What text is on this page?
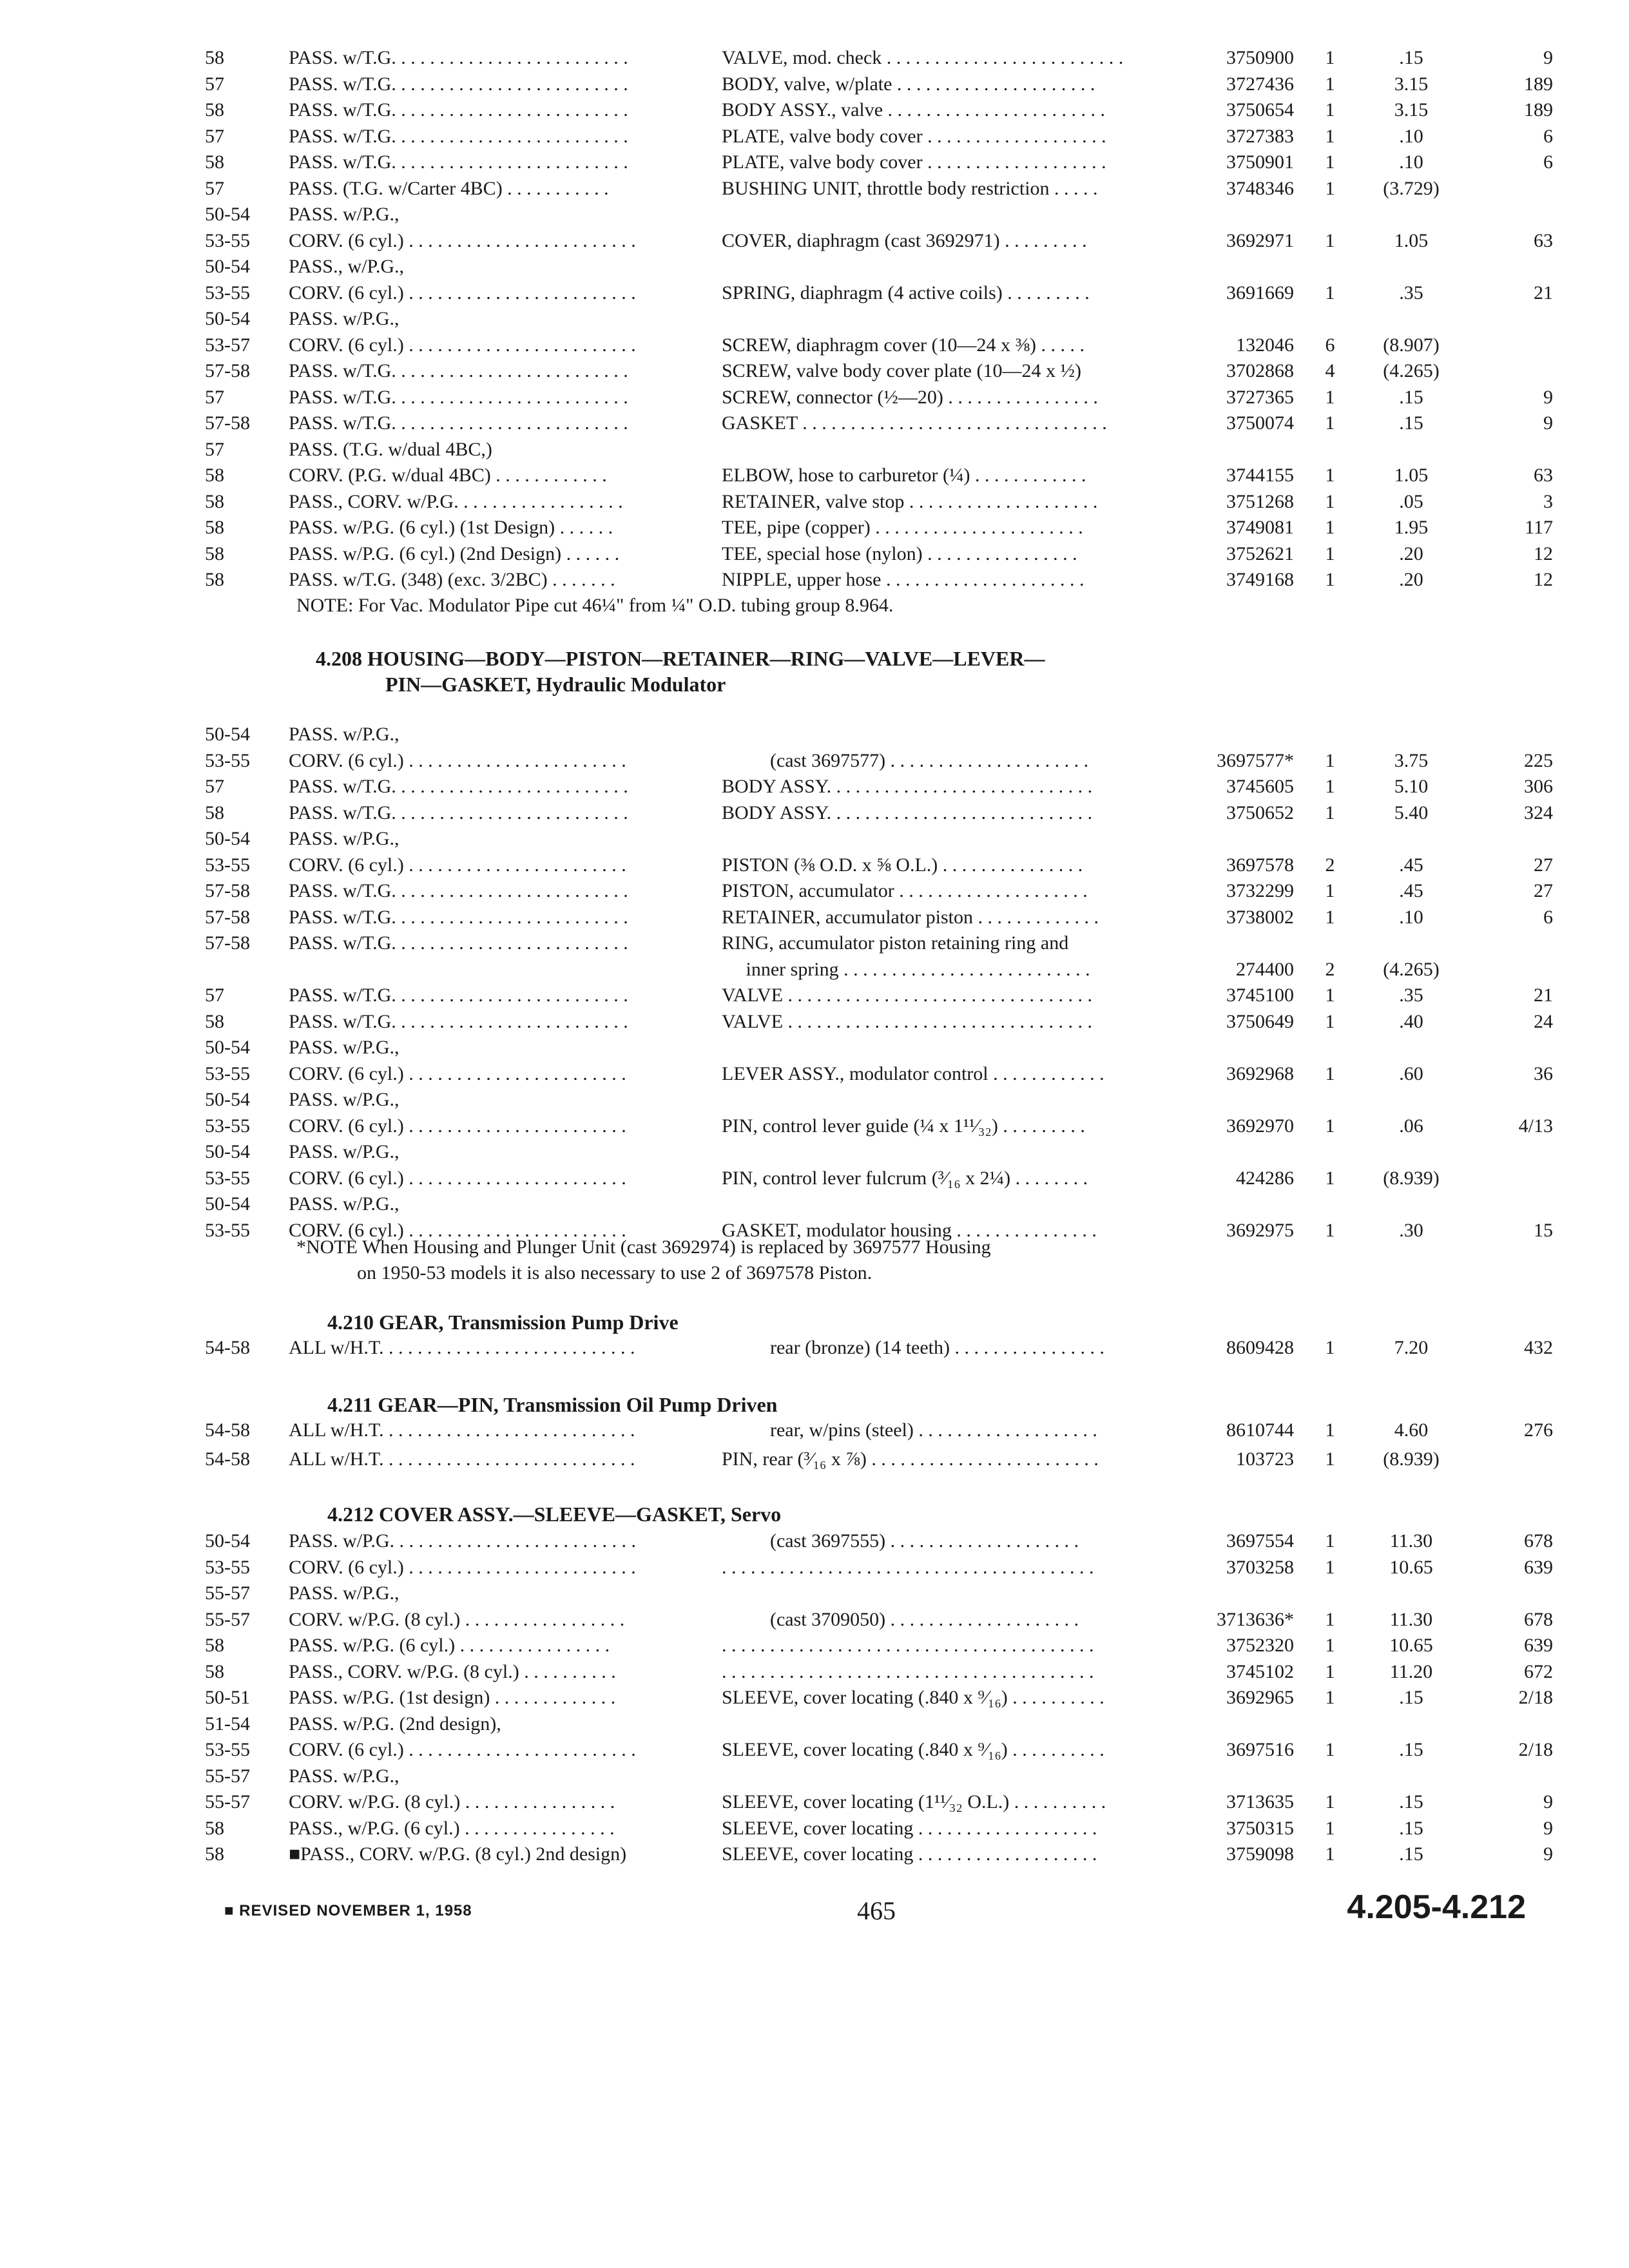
58	PASS. w/T.G. . . . . . . . . . . . . . . . . . . . . . . . .	VALVE, mod. check . . . . . . . . . . . . . . . . . . . . . . . . .	3750900	1	.15	9
57	PASS. w/T.G. . . . . . . . . . . . . . . . . . . . . . . . .	BODY, valve, w/plate . . . . . . . . . . . . . . . . . . . . .	3727436	1	3.15	189
58	PASS. w/T.G. . . . . . . . . . . . . . . . . . . . . . . . .	BODY ASSY., valve . . . . . . . . . . . . . . . . . . . . . . .	3750654	1	3.15	189
57	PASS. w/T.G. . . . . . . . . . . . . . . . . . . . . . . . .	PLATE, valve body cover . . . . . . . . . . . . . . . . . . .	3727383	1	.10	6
58	PASS. w/T.G. . . . . . . . . . . . . . . . . . . . . . . . .	PLATE, valve body cover . . . . . . . . . . . . . . . . . . .	3750901	1	.10	6
57	PASS. (T.G. w/Carter 4BC) . . . . . . . . . . .	BUSHING UNIT, throttle body restriction . . . . .	3748346	1	(3.729)
50-54 PASS. w/P.G.,
53-55 CORV. (6 cyl.) . . . . . . . . . . . . . . . . . . . . . . . .	COVER, diaphragm (cast 3692971) . . . . . . . . .	3692971	1	1.05	63
50-54 PASS., w/P.G.,
53-55 CORV. (6 cyl.) . . . . . . . . . . . . . . . . . . . . . . . .	SPRING, diaphragm (4 active coils) . . . . . . . . .	3691669	1	.35	21
50-54 PASS. w/P.G.,
53-57 CORV. (6 cyl.) . . . . . . . . . . . . . . . . . . . . . . . .	SCREW, diaphragm cover (10—24 x ⅜) . . . . .	132046	6	(8.907)
57-58 PASS. w/T.G. . . . . . . . . . . . . . . . . . . . . . . . .	SCREW, valve body cover plate (10—24 x ½)	3702868	4	(4.265)
57	PASS. w/T.G. . . . . . . . . . . . . . . . . . . . . . . . .	SCREW, connector (½—20) . . . . . . . . . . . . . . . .	3727365	1	.15	9
57-58 PASS. w/T.G. . . . . . . . . . . . . . . . . . . . . . . . .	GASKET . . . . . . . . . . . . . . . . . . . . . . . . . . . . . . . .	3750074	1	.15	9
57	PASS. (T.G. w/dual 4BC,)
58	CORV. (P.G. w/dual 4BC) . . . . . . . . . . . .	ELBOW, hose to carburetor (¼) . . . . . . . . . . . .	3744155	1	1.05	63
58	PASS., CORV. w/P.G. . . . . . . . . . . . . . . . . .	RETAINER, valve stop . . . . . . . . . . . . . . . . . . . .	3751268	1	.05	3
58	PASS. w/P.G. (6 cyl.) (1st Design) . . . . . .	TEE, pipe (copper) . . . . . . . . . . . . . . . . . . . . . .	3749081	1	1.95	117
58	PASS. w/P.G. (6 cyl.) (2nd Design) . . . . . .	TEE, special hose (nylon) . . . . . . . . . . . . . . . .	3752621	1	.20	12
58	PASS. w/T.G. (348) (exc. 3/2BC) . . . . . . .	NIPPLE, upper hose . . . . . . . . . . . . . . . . . . . . .	3749168	1	.20	12
NOTE: For Vac. Modulator Pipe cut 46¼" from ¼" O.D. tubing group 8.964.
4.208 HOUSING—BODY—PISTON—RETAINER—RING—VALVE—LEVER—
PIN—GASKET, Hydraulic Modulator
50-54 PASS. w/P.G.,
53-55 CORV. (6 cyl.) . . . . . . . . . . . . . . . . . . . . . . .	(cast 3697577) . . . . . . . . . . . . . . . . . . . . .	3697577*	1	3.75	225
57	PASS. w/T.G. . . . . . . . . . . . . . . . . . . . . . . . .	BODY ASSY. . . . . . . . . . . . . . . . . . . . . . . . . . . .	3745605	1	5.10	306
58	PASS. w/T.G. . . . . . . . . . . . . . . . . . . . . . . . .	BODY ASSY. . . . . . . . . . . . . . . . . . . . . . . . . . . .	3750652	1	5.40	324
50-54 PASS. w/P.G.,
53-55 CORV. (6 cyl.) . . . . . . . . . . . . . . . . . . . . . . .	PISTON (⅜ O.D. x ⅝ O.L.) . . . . . . . . . . . . . . .	3697578	2	.45	27
57-58 PASS. w/T.G. . . . . . . . . . . . . . . . . . . . . . . . .	PISTON, accumulator . . . . . . . . . . . . . . . . . . . .	3732299	1	.45	27
57-58 PASS. w/T.G. . . . . . . . . . . . . . . . . . . . . . . . .	RETAINER, accumulator piston . . . . . . . . . . . . .	3738002	1	.10	6
57-58 PASS. w/T.G. . . . . . . . . . . . . . . . . . . . . . . . .	RING, accumulator piston retaining ring and
inner spring . . . . . . . . . . . . . . . . . . . . . . . . . .	274400	2	(4.265)
57	PASS. w/T.G. . . . . . . . . . . . . . . . . . . . . . . . .	VALVE . . . . . . . . . . . . . . . . . . . . . . . . . . . . . . . .	3745100	1	.35	21
58	PASS. w/T.G. . . . . . . . . . . . . . . . . . . . . . . . .	VALVE . . . . . . . . . . . . . . . . . . . . . . . . . . . . . . . .	3750649	1	.40	24
50-54 PASS. w/P.G.,
53-55 CORV. (6 cyl.) . . . . . . . . . . . . . . . . . . . . . . .	LEVER ASSY., modulator control . . . . . . . . . . . .	3692968	1	.60	36
50-54 PASS. w/P.G.,
53-55 CORV. (6 cyl.) . . . . . . . . . . . . . . . . . . . . . . .	PIN, control lever guide (¼ x 1¹¹⁄₃₂) . . . . . . . . .	3692970	1	.06	4/13
50-54 PASS. w/P.G.,
53-55 CORV. (6 cyl.) . . . . . . . . . . . . . . . . . . . . . . .	PIN, control lever fulcrum (³⁄₁₆ x 2¼) . . . . . . . .	424286	1	(8.939)
50-54 PASS. w/P.G.,
53-55 CORV. (6 cyl.) . . . . . . . . . . . . . . . . . . . . . . .	GASKET, modulator housing . . . . . . . . . . . . . . .	3692975	1	.30	15
*NOTE When Housing and Plunger Unit (cast 3692974) is replaced by 3697577 Housing
on 1950-53 models it is also necessary to use 2 of 3697578 Piston.
4.210 GEAR, Transmission Pump Drive
54-58 ALL w/H.T. . . . . . . . . . . . . . . . . . . . . . . . . . .	rear (bronze) (14 teeth) . . . . . . . . . . . . . . . .	8609428	1	7.20	432
4.211 GEAR—PIN, Transmission Oil Pump Driven
54-58 ALL w/H.T. . . . . . . . . . . . . . . . . . . . . . . . . . .	rear, w/pins (steel) . . . . . . . . . . . . . . . . . . .	8610744	1	4.60	276
54-58 ALL w/H.T. . . . . . . . . . . . . . . . . . . . . . . . . . .	PIN, rear (³⁄₁₆ x ⅞) . . . . . . . . . . . . . . . . . . . . . . . .	103723	1	(8.939)
4.212 COVER ASSY.—SLEEVE—GASKET, Servo
50-54 PASS. w/P.G. . . . . . . . . . . . . . . . . . . . . . . . . .	(cast 3697555) . . . . . . . . . . . . . . . . . . . .	3697554	1	11.30	678
53-55 CORV. (6 cyl.) . . . . . . . . . . . . . . . . . . . . . . . .	. . . . . . . . . . . . . . . . . . . . . . . . . . . . . . . . . . . . . . .	3703258	1	10.65	639
55-57 PASS. w/P.G.,
55-57 CORV. w/P.G. (8 cyl.) . . . . . . . . . . . . . . . . .	(cast 3709050) . . . . . . . . . . . . . . . . . . . .	3713636*	1	11.30	678
58	PASS. w/P.G. (6 cyl.) . . . . . . . . . . . . . . . .	. . . . . . . . . . . . . . . . . . . . . . . . . . . . . . . . . . . . . . .	3752320	1	10.65	639
58	PASS., CORV. w/P.G. (8 cyl.) . . . . . . . . . .	. . . . . . . . . . . . . . . . . . . . . . . . . . . . . . . . . . . . . . .	3745102	1	11.20	672
50-51 PASS. w/P.G. (1st design) . . . . . . . . . . . . .	SLEEVE, cover locating (.840 x ⁹⁄₁₆) . . . . . . . . . .	3692965	1	.15	2/18
51-54 PASS. w/P.G. (2nd design),
53-55 CORV. (6 cyl.) . . . . . . . . . . . . . . . . . . . . . . . .	SLEEVE, cover locating (.840 x ⁹⁄₁₆) . . . . . . . . . .	3697516	1	.15	2/18
55-57 PASS. w/P.G.,
55-57 CORV. w/P.G. (8 cyl.) . . . . . . . . . . . . . . . .	SLEEVE, cover locating (1¹¹⁄₃₂ O.L.) . . . . . . . . . .	3713635	1	.15	9
58	PASS., w/P.G. (6 cyl.) . . . . . . . . . . . . . . . .	SLEEVE, cover locating . . . . . . . . . . . . . . . . . . .	3750315	1	.15	9
58	■PASS., CORV. w/P.G. (8 cyl.) 2nd design)	SLEEVE, cover locating . . . . . . . . . . . . . . . . . . .	3759098	1	.15	9
■ REVISED NOVEMBER 1, 1958	465	4.205-4.212
